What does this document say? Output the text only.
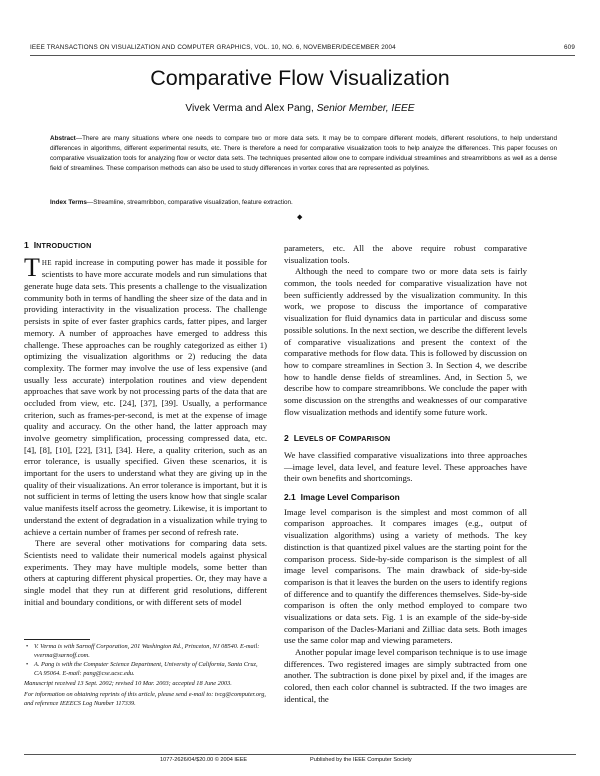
IEEE TRANSACTIONS ON VISUALIZATION AND COMPUTER GRAPHICS, VOL. 10, NO. 6, NOVEMBER/DECEMBER 2004	609
Comparative Flow Visualization
Vivek Verma and Alex Pang, Senior Member, IEEE
Abstract—There are many situations where one needs to compare two or more data sets. It may be to compare different models, different resolutions, to help understand differences in algorithms, different experimental results, etc. There is therefore a need for comparative visualization tools to help analyze the differences. This paper focuses on comparative visualization tools for analyzing flow or vector data sets. The techniques presented allow one to compare individual streamlines and streamribbons as well as a dense field of streamlines. These comparison methods can also be used to study differences in vortex cores that are represented as polylines.
Index Terms—Streamline, streamribbon, comparative visualization, feature extraction.
◆
1 INTRODUCTION

THE rapid increase in computing power has made it possible for scientists to have more accurate models and run simulations that generate huge data sets. This presents a challenge to the visualization community both in terms of handling the sheer size of the data and in providing interactivity in the visualization process. The challenge persists in spite of ever faster graphics cards, fatter pipes, and larger memory. A number of approaches have emerged to address this challenge. These approaches can be roughly categorized as either 1) optimizing the visualization algorithms or 2) reducing the data complexity. The former may involve the use of less expensive (and usually less accurate) interpolation routines and view dependent approaches that save work by not processing parts of the data that are occluded from view, etc. [24], [37], [39]. Usually, a performance criterion, such as frames-per-second, is met at the expense of image quality and accuracy. On the other hand, the latter approach may involve geometry simplification, processing compressed data, etc. [4], [8], [10], [22], [31], [34]. Here, a quality criterion, such as an error tolerance, is usually specified. Given these scenarios, it is important for the users to understand what they are giving up in the quality of their visualizations. An error tolerance is important, but it is not sufficient in terms of letting the users know how that single scalar value manifests itself across the geometry. Likewise, it is important to understand the extent of degradation in a visualization while trying to achieve a certain number of frames per second of refresh rate.

There are several other motivations for comparing data sets. Scientists need to validate their numerical models against physical experiments. They may have multiple models, some better than others at capturing different physical properties. Or, they may have a single model that they run at different grid resolutions, different initial and boundary conditions, or with different sets of model

parameters, etc. All the above require robust comparative visualization tools.

Although the need to compare two or more data sets is fairly common, the tools needed for comparative visualization have not been sufficiently addressed by the visualization community. In this work, we propose to discuss the importance of comparative visualization for fluid dynamics data in particular and discuss some possible solutions. In the next section, we describe the different levels of comparative visualizations and present the context of the comparative methods for flow data. This is followed by discussion on how to compare streamlines in Section 3. In Section 4, we describe how to handle dense fields of streamlines. And, in Section 5, we describe how to compare streamribbons. We conclude the paper with some discussion on the strengths and weaknesses of our comparative flow visualization methods and identify some future work.

2 LEVELS OF COMPARISON

We have classified comparative visualizations into three approaches—image level, data level, and feature level. These approaches have their own benefits and shortcomings.

2.1 Image Level Comparison

Image level comparison is the simplest and most common of all comparison approaches. It compares images (e.g., output of visualization algorithms) using a variety of methods. The key distinction is that quantized pixel values are the starting point for the comparison process. Side-by-side comparison is the simplest of all image level comparisons. The main drawback of side-by-side comparison is that it leaves the burden on the users to identify regions of difference and to quantify the differences themselves. Side-by-side comparison is often the only method employed to compare two visualizations or data sets. Fig. 1 is an example of the side-by-side comparison of the Dacles-Mariani and Zilliac data sets. Both images use the same color map and viewing parameters.

Another popular image level comparison technique is to use image differences. Two registered images are simply subtracted from one another. The subtraction is done pixel by pixel and, if the images are colored, then each color channel is subtracted. If the two images are identical, the

• V. Verma is with Sarnoff Corporation, 201 Washington Rd., Princeton, NJ 08540. E-mail: vverma@sarnoff.com.
• A. Pang is with the Computer Science Department, University of California, Santa Cruz, CA 95064. E-mail: pang@cse.ucsc.edu.

Manuscript received 13 Sept. 2002; revised 10 Mar. 2003; accepted 18 June 2003.

For information on obtaining reprints of this article, please send e-mail to: tvcg@computer.org, and reference IEEECS Log Number 117339.

1077-2626/04/$20.00 © 2004 IEEE	Published by the IEEE Computer Society
